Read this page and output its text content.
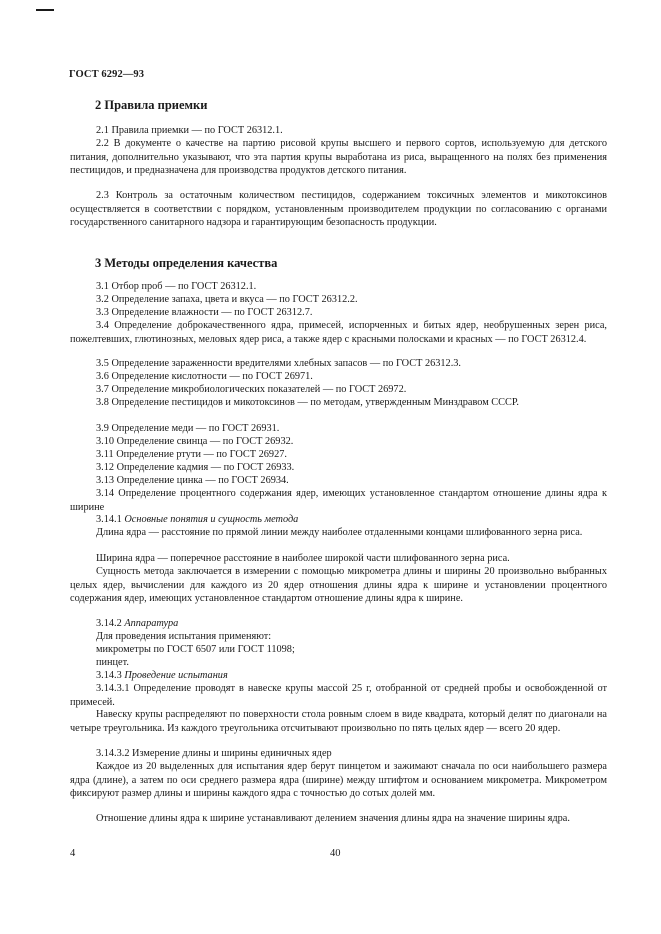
ГОСТ 6292—93
2 Правила приемки
2.1 Правила приемки — по ГОСТ 26312.1.
2.2 В документе о качестве на партию рисовой крупы высшего и первого сортов, используемую для детского питания, дополнительно указывают, что эта партия крупы выработана из риса, выращенного на полях без применения пестицидов, и предназначена для производства продуктов детского питания.
2.3 Контроль за остаточным количеством пестицидов, содержанием токсичных элементов и микотоксинов осуществляется в соответствии с порядком, установленным производителем продукции по согласованию с органами государственного санитарного надзора и гарантирующим безопасность продукции.
3 Методы определения качества
3.1 Отбор проб — по ГОСТ 26312.1.
3.2 Определение запаха, цвета и вкуса — по ГОСТ 26312.2.
3.3 Определение влажности — по ГОСТ 26312.7.
3.4 Определение доброкачественного ядра, примесей, испорченных и битых ядер, необрушенных зерен риса, пожелтевших, глютинозных, меловых ядер риса, а также ядер с красными полосками и красных — по ГОСТ 26312.4.
3.5 Определение зараженности вредителями хлебных запасов — по ГОСТ 26312.3.
3.6 Определение кислотности — по ГОСТ 26971.
3.7 Определение микробиологических показателей — по ГОСТ 26972.
3.8 Определение пестицидов и микотоксинов — по методам, утвержденным Минздравом СССР.
3.9 Определение меди — по ГОСТ 26931.
3.10 Определение свинца — по ГОСТ 26932.
3.11 Определение ртути — по ГОСТ 26927.
3.12 Определение кадмия — по ГОСТ 26933.
3.13 Определение цинка — по ГОСТ 26934.
3.14 Определение процентного содержания ядер, имеющих установленное стандартом отношение длины ядра к ширине
3.14.1 Основные понятия и сущность метода
Длина ядра — расстояние по прямой линии между наиболее отдаленными концами шлифованного зерна риса.
Ширина ядра — поперечное расстояние в наиболее широкой части шлифованного зерна риса.
Сущность метода заключается в измерении с помощью микрометра длины и ширины 20 произвольно выбранных целых ядер, вычислении для каждого из 20 ядер отношения длины ядра к ширине и установлении процентного содержания ядер, имеющих установленное стандартом отношение длины ядра к ширине.
3.14.2 Аппаратура
Для проведения испытания применяют:
микрометры по ГОСТ 6507 или ГОСТ 11098;
пинцет.
3.14.3 Проведение испытания
3.14.3.1 Определение проводят в навеске крупы массой 25 г, отобранной от средней пробы и освобожденной от примесей.
Навеску крупы распределяют по поверхности стола ровным слоем в виде квадрата, который делят по диагонали на четыре треугольника. Из каждого треугольника отсчитывают произвольно по пять целых ядер — всего 20 ядер.
3.14.3.2 Измерение длины и ширины единичных ядер
Каждое из 20 выделенных для испытания ядер берут пинцетом и зажимают сначала по оси наибольшего размера ядра (длине), а затем по оси среднего размера ядра (ширине) между штифтом и основанием микрометра. Микрометром фиксируют размер длины и ширины каждого ядра с точностью до сотых долей мм.
Отношение длины ядра к ширине устанавливают делением значения длины ядра на значение ширины ядра.
4	40
